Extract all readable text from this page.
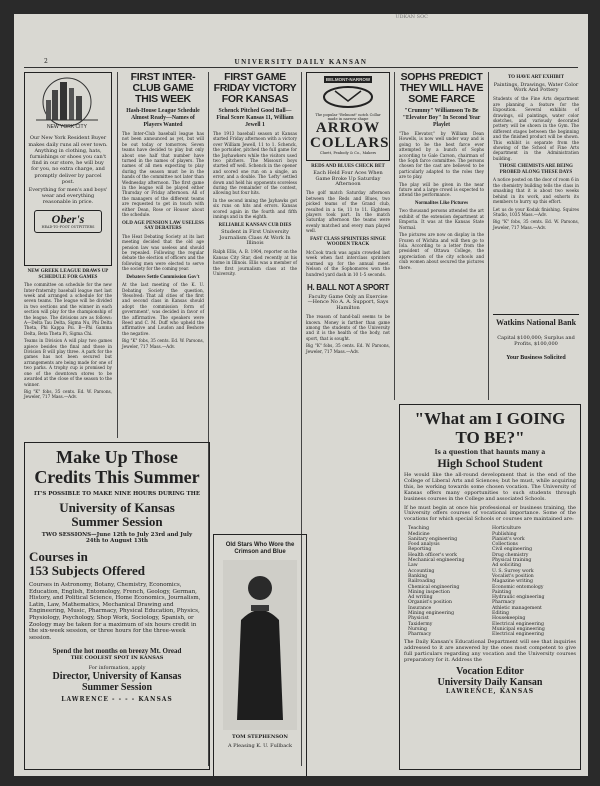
UDKAN SOC
2	UNIVERSITY DAILY KANSAN
NEW YORK CITY

Our New York Resident Buyer makes daily runs all over town. Anything in clothing, hats, furnishings or shoes you can't find in our store, he will buy for you, no extra charge, and promptly deliver by parcel post.

Everything for men's and boys' wear and everything reasonable in price.

Ober's
HEAD-TO-FOOT OUTFITTERS
NEW GREEK LEAGUE DRAWS UP SCHEDULE FOR GAMES

The committee on schedule for the new Inter-fraternity baseball league met last week and arranged a schedule for the seven teams. The league will be divided in two sections and the winner in each section will play for the championship of the league. The divisions are as follows: A—Delta Tau Delta, Sigma Nu, Phi Delta Theta, Phi Kappa Psi. B—Phi Gamma Delta, Beta Theta Pi, Sigma Chi.

Teams in Division A will play two games apiece besides the final and those in Division B will play three. A park for the games has not been secured but arrangements are being made for one of two parks. A trophy cup is promised by one of the downtown stores to be awarded at the close of the season to the winner.

Big "K" fobs, 35 cents. Ed. W. Parsons, Jeweler, 717 Mass.—Adv.

FIRST INTER-CLUB GAME THIS WEEK
Hash-House League Schedule Almost Ready—Names of Players Wanted

The Inter-Club baseball league has not been announced as yet, but will be out today or tomorrow. Seven teams have decided to play but only about one half that number have turned in the names of players. The names of all men expecting to play during the season must be in the hands of the committee not later than Wednesday afternoon. The first game in the league will be played either Thursday or Friday afternoon. All of the managers of the different teams are requested to get in touch with either Dean, Rose or Houser about the schedule.

OLD AGE PENSION LAW USELESS SAY DEBATERS

The Heat Debating Society at its last meeting decided that the old age pension law was useless and should be repealed. Following the regular debate the election of officers and the following men were elected to serve the society for the coming year.

Debaters Settle Commission Gov't

At the last meeting of the K. U. Debating Society the question, 'Resolved: That all cities of the first and second class in Kansas should adopt the commission form of government', was decided in favor of the affirmative. The speakers were Reed and C. M. Duff who upheld the affirmative and Loudon and Beshore the negative.

Big "K" fobs, 35 cents. Ed. W. Parsons, Jeweler, 717 Mass.—Adv.

FIRST GAME FRIDAY VICTORY FOR KANSAS
Schenck Pitched Good Ball—Final Score Kansas 11, William Jewell 1

The 1913 baseball season at Kansas started Friday afternoon with a victory over William Jewell, 11 to 1. Schenck, the portsider, pitched the full game for the Jayhawkers while the visitors used two pitchers. The Missouri boys started off well. Schenck in the opener and scored one run on a single, an error, and a double. The 'Lefty' settled down and held his opponents scoreless during the remainder of the contest, allowing but four hits.

In the second inning the Jayhawks got six runs on hits and errors. Kansas scored again in the fourth and fifth innings and in the eighth.

RELIABLE KANSAN CUB DIES
Student in First University Journalism Class At Work In Illinois

Ralph Ellis, A. B. 1904, reporter on the Kansas City Star, died recently at his home in Illinois. Ellis was a member of the first journalism class at the University.

Old Stars Who Wore the Crimson and Blue
TOM STEPHENSON
A Pleasing K. U. Fullback
BELMONT-NARROW
The popular "Belmont" notch Collar made in narrow shape
ARROW
COLLARS
Cluett, Peabody & Co., Makers
REDS AND BLUES CHECK BET
Each Held Four Aces When Game Broke Up Saturday Afternoon

The golf match Saturday afternoon between the Reds and Blues, two picked teams of the Grand club, resulted in a tie, 11 to 11. Eighteen players took part. In the match Saturday afternoon the teams were evenly matched and every man played well.

FAST CLASS SPRINTERS SINGE WOODEN TRACK

McCook track was again crowded last week when fast interclass sprinters warmed up for the annual meet. Nelson of the Sophomores won the hundred yard dash in 10 1-5 seconds.

H. BALL NOT A SPORT
Faculty Game Only an Exercise—Hence No A. A. Support, Says Hamilton

The reason of hand-ball seems to be known. Money is farther than game among the students of the University and it is the health of the body, not sport, that is sought.

Big "K" fobs, 35 cents. Ed. W. Parsons, Jeweler, 717 Mass.—Adv.

SOPHS PREDICT THEY WILL HAVE SOME FARCE
"Crummy" Williamson To Be "Elevator Boy" In Second Year Playlet

"The Elevator," by William Dean Howells, is now well under way and is going to be the best farce ever attempted by a bunch of Sophs according to Gale Carson, chairman of the Soph farce committee. The persons chosen for the cast are believed to be particularly adapted to the roles they are to play.

The play will be given in the near future and a large crowd is expected to attend the performance.

Normalites Like Pictures

Two thousand persons attended the art exhibit of the extension department at Emporia. It was at the Kansas State Normal.

The pictures are now on display in the Frozen of Wichita and will then go to Iola. According to a letter from the president of Ottawa College, the appreciation of the city schools and club women about secured the pictures there.

TO HAVE ART EXHIBIT
Paintings, Drawings, Water Color Work And Pottery

Students of the Fine Arts department are planning a feature for the Exposition. Several exhibits of drawings, oil paintings, water color sketches, and variously decorated pottery will be shown in the Gym. The different stages between the beginning and the finished product will be shown. This exhibit is separate from the showing of the School of Fine Arts department in the Administration building.

THOSE CHEMISTS ARE BEING PROBED ALONG THESE DAYS

A notice posted on the door of room 6 in the chemistry building tells the class in smashing that it is about two weeks behind in its work, and exhorts its members to hurry up this effort.

Let us do your Kodak finishing. Squires Studio, 1035 Mass.—Adv.

Big "K" fobs, 35 cents. Ed. W. Parsons, Jeweler, 717 Mass.—Adv.

Watkins National Bank
Capital $100,000; Surplus and Profits, $100,000
Your Business Solicited
Make Up Those
Credits This Summer
IT'S POSSIBLE TO MAKE NINE HOURS DURING THE
University of Kansas
Summer Session
TWO SESSIONS—June 12th to July 23rd and July 24th to August 13th
Courses in
153 Subjects Offered

Courses in Astronomy, Botany, Chemistry, Economics, Education, English, Entomology, French, Geology, German, History, and Political Science, Home Economics, Journalism, Latin, Law, Mathematics, Mechanical Drawing and Engineering, Music, Pharmacy, Physical Education, Physics, Physiology, Psychology, Shop Work, Sociology, Spanish, or Zoology may be taken for a maximum of six hours credit in the six-week session, or three hours for the three-week session.

Spend the hot months on breezy Mt. Oread
THE COOLEST SPOT IN KANSAS
For information, apply
Director, University of Kansas
Summer Session
LAWRENCE - - - - KANSAS
"What am I GOING TO BE?"
Is a question that haunts many a
High School Student

He would like the all-round development that is the end of the College of Liberal Arts and Sciences; but he must, while acquiring this, be working towards some chosen vocation. The University of Kansas offers many opportunities to such students through business courses in the College and associated Schools.

If he must begin at once his professional or business training, the University offers courses of vocational importance. Some of the vocations for which special Schools or courses are maintained are:

Teaching
Medicine
Sanitary engineering
Food analysis
Reporting
Health officer's work
Mechanical engineering
Law
Accounting
Banking
Railroading
Chemical engineering
Mining inspection
Ad writing
Organist's position
Insurance
Mining engineering
Physicist
Taxidermy
Nursing
Pharmacy
Horticulture
Publishing
Pianist's work
Collections
Civil engineering
Drug chemistry
Physical training
Ad soliciting
U. S. Survey work
Vocalist's position
Magazine writing
Economic entomology
Painting
Hydraulic engineering
Pharmacy
Athletic management
Editing
Housekeeping
Electrical engineering
Municipal engineering
Electrical engineering

The Daily Kansan's Educational Department will see that inquiries addressed to it are answered by the ones most competent to give full particulars regarding any vocation and the University courses preparatory for it. Address the

Vocation Editor
University Daily Kansan
LAWRENCE, KANSAS
